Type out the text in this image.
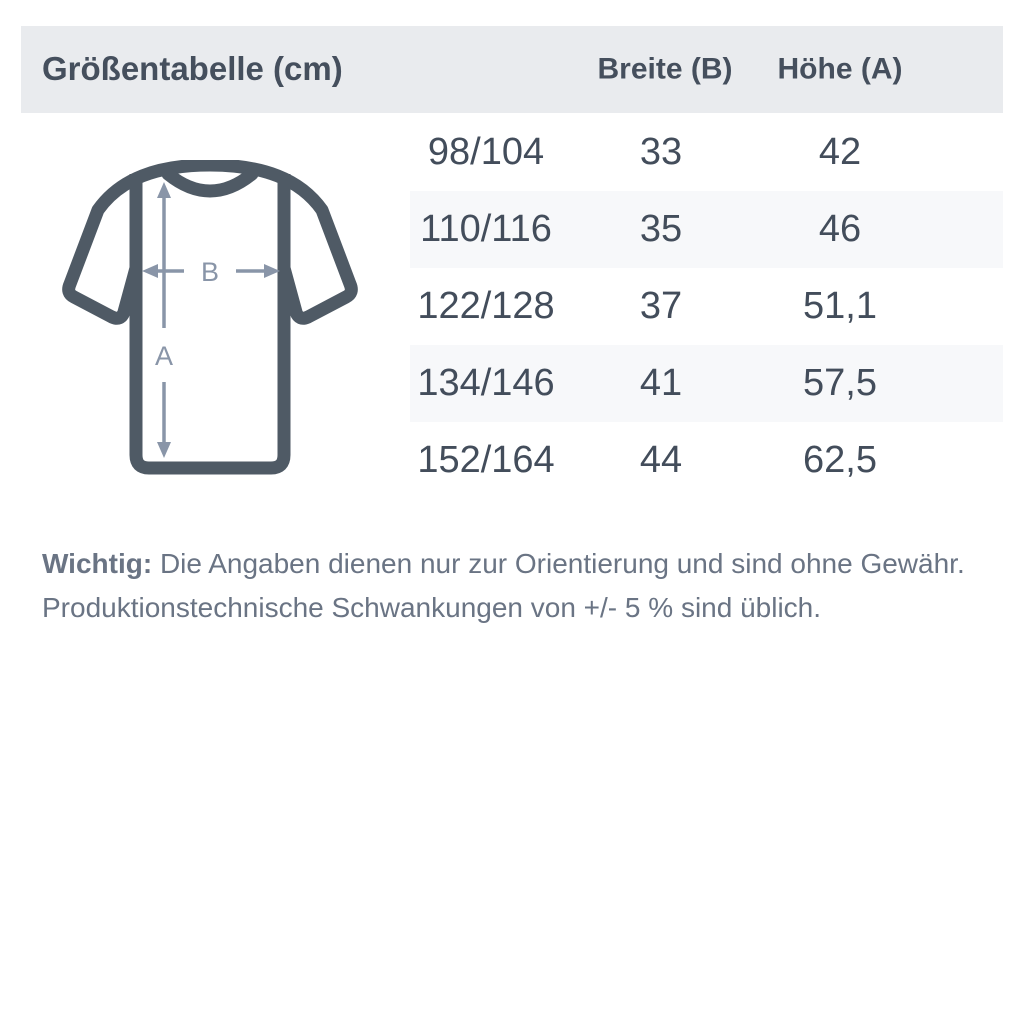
Größentabelle (cm)	Breite (B)	Höhe (A)
A
B
98/104	33	42
110/116	35	46
122/128	37	51,1
134/146	41	57,5
152/164	44	62,5

Wichtig: Die Angaben dienen nur zur Orientierung und sind ohne Gewähr.
Produktionstechnische Schwankungen von +/- 5 % sind üblich.
